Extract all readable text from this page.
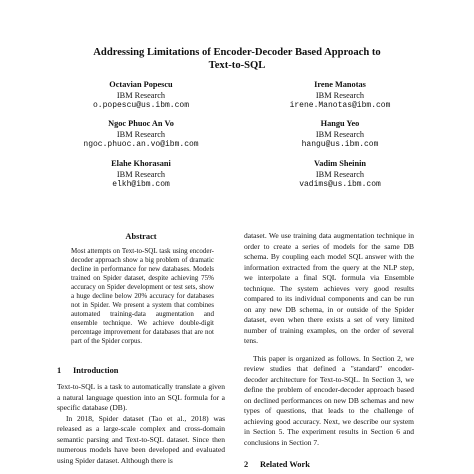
Addressing Limitations of Encoder-Decoder Based Approach to
Text-to-SQL
Octavian Popescu
IBM Research
o.popescu@us.ibm.com
Ngoc Phuoc An Vo
IBM Research
ngoc.phuoc.an.vo@ibm.com
Elahe Khorasani
IBM Research
elkh@ibm.com
Irene Manotas
IBM Research
irene.Manotas@ibm.com
Hangu Yeo
IBM Research
hangu@us.ibm.com
Vadim Sheinin
IBM Research
vadims@us.ibm.com
Abstract

Most attempts on Text-to-SQL task using encoder-decoder approach show a big problem of dramatic decline in performance for new databases. Models trained on Spider dataset, despite achieving 75% accuracy on Spider development or test sets, show a huge decline below 20% accuracy for databases not in Spider. We present a system that combines automated training-data augmentation and ensemble technique. We achieve double-digit percentage improvement for databases that are not part of the Spider corpus.

1 Introduction

Text-to-SQL is a task to automatically translate a given a natural language question into an SQL formula for a specific database (DB).

In 2018, Spider dataset (Tao et al., 2018) was released as a large-scale complex and cross-domain semantic parsing and Text-to-SQL dataset. Since then numerous models have been developed and evaluated using Spider dataset. Although there is

dataset. We use training data augmentation technique in order to create a series of models for the same DB schema. By coupling each model SQL answer with the information extracted from the query at the NLP step, we interpolate a final SQL formula via Ensemble technique. The system achieves very good results compared to its individual components and can be run on any new DB schema, in or outside of the Spider dataset, even when there exists a set of very limited number of training examples, on the order of several tens.

This paper is organized as follows. In Section 2, we review studies that defined a "standard" encoder-decoder architecture for Text-to-SQL. In Section 3, we define the problem of encoder-decoder approach based on declined performances on new DB schemas and new types of questions, that leads to the challenge of achieving good accuracy. Next, we describe our system in Section 5. The experiment results in Section 6 and conclusions in Section 7.

2 Related Work
